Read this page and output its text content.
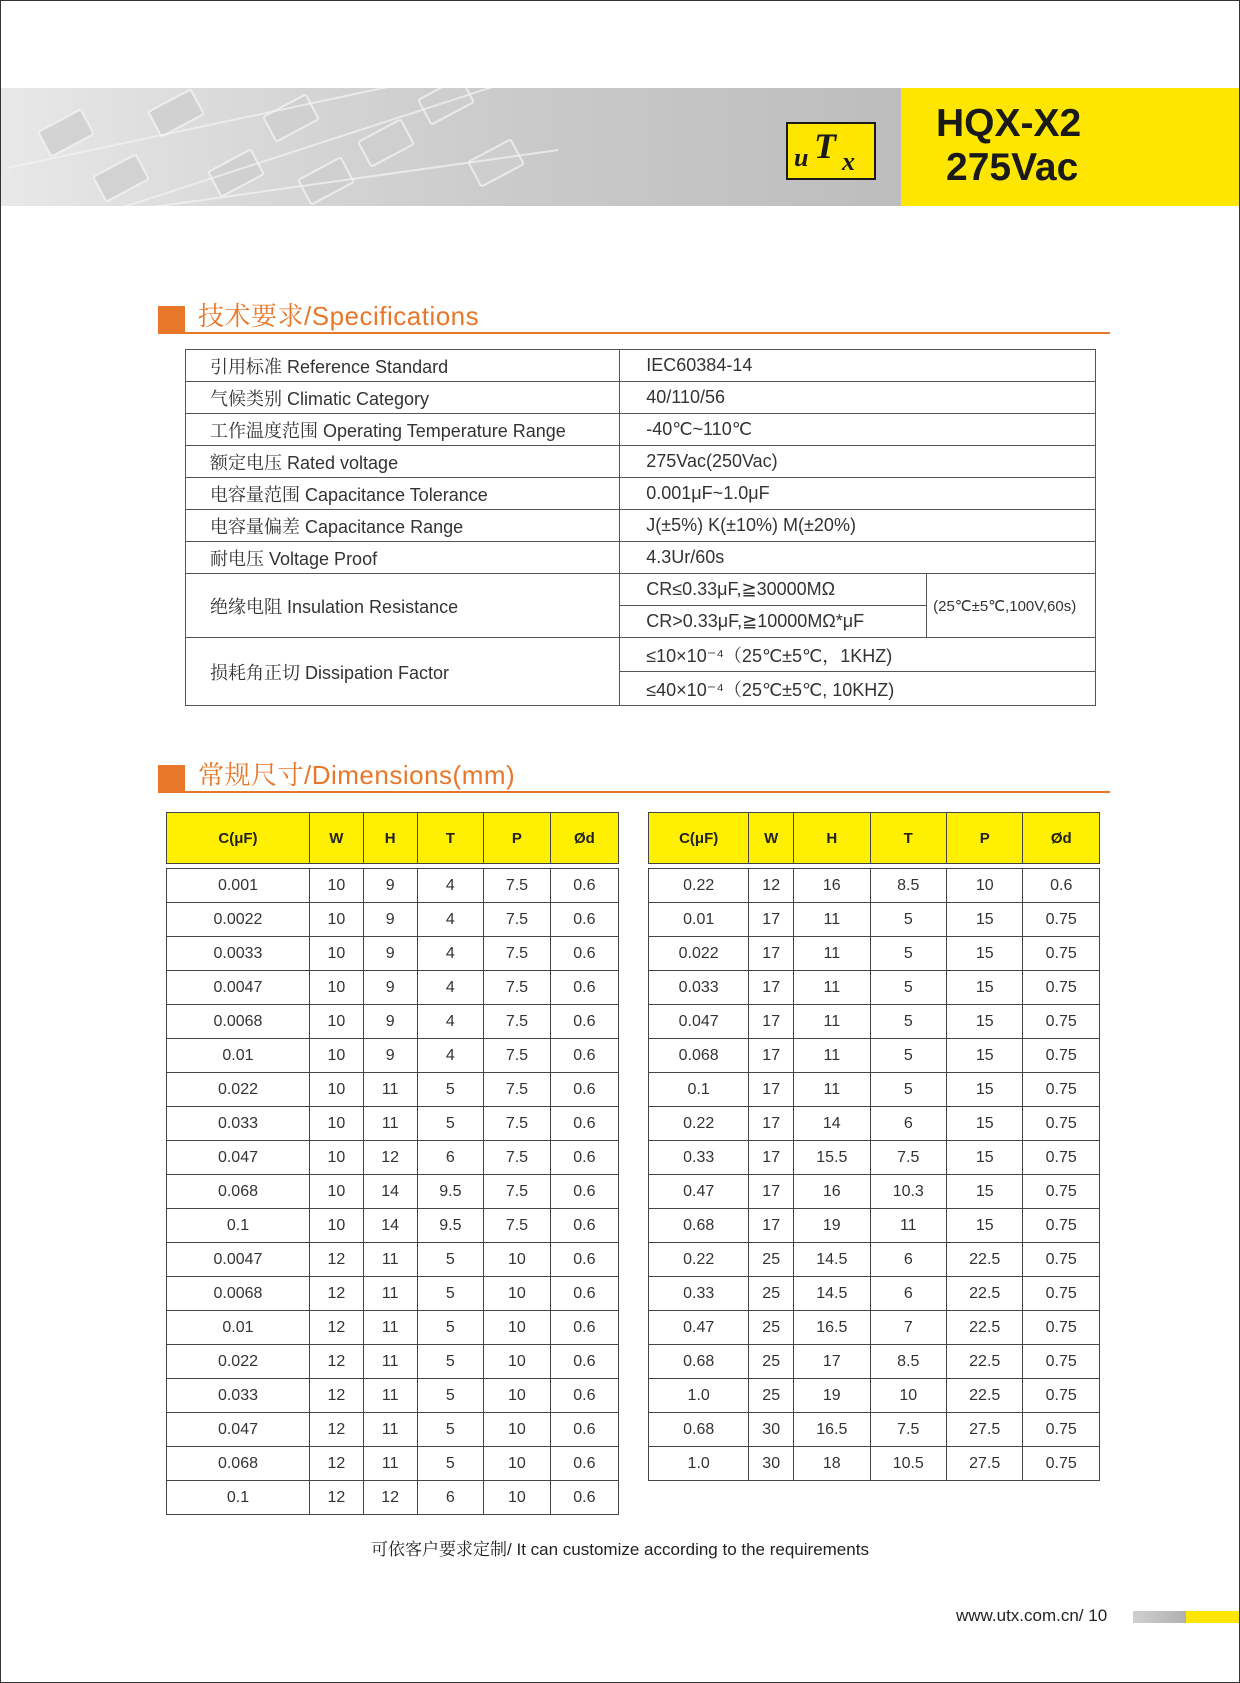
u T x
HQX-X2
275Vac
技术要求/Specifications
引用标准 Reference Standard	IEC60384-14	
气候类别 Climatic Category	40/110/56	
工作温度范围 Operating Temperature Range	-40℃~110℃	
额定电压 Rated voltage	275Vac(250Vac)	
电容量范围 Capacitance Tolerance	0.001μF~1.0μF	
电容量偏差 Capacitance Range	J(±5%) K(±10%) M(±20%)	
耐电压 Voltage Proof	4.3Ur/60s	
绝缘电阻 Insulation Resistance	CR≤0.33μF,≧30000MΩ	(25℃±5℃,100V,60s)
	CR>0.33μF,≧10000MΩ*μF	
损耗角正切 Dissipation Factor	≤10×10⁻⁴（25℃±5℃，1KHZ)	
	≤40×10⁻⁴（25℃±5℃, 10KHZ)	
常规尺寸/Dimensions(mm)
C(μF)	W	H	T	P	Ød

0.001	10	9	4	7.5	0.6
0.0022	10	9	4	7.5	0.6
0.0033	10	9	4	7.5	0.6
0.0047	10	9	4	7.5	0.6
0.0068	10	9	4	7.5	0.6
0.01	10	9	4	7.5	0.6
0.022	10	11	5	7.5	0.6
0.033	10	11	5	7.5	0.6
0.047	10	12	6	7.5	0.6
0.068	10	14	9.5	7.5	0.6
0.1	10	14	9.5	7.5	0.6
0.0047	12	11	5	10	0.6
0.0068	12	11	5	10	0.6
0.01	12	11	5	10	0.6
0.022	12	11	5	10	0.6
0.033	12	11	5	10	0.6
0.047	12	11	5	10	0.6
0.068	12	11	5	10	0.6
0.1	12	12	6	10	0.6
C(μF)	W	H	T	P	Ød

0.22	12	16	8.5	10	0.6
0.01	17	11	5	15	0.75
0.022	17	11	5	15	0.75
0.033	17	11	5	15	0.75
0.047	17	11	5	15	0.75
0.068	17	11	5	15	0.75
0.1	17	11	5	15	0.75
0.22	17	14	6	15	0.75
0.33	17	15.5	7.5	15	0.75
0.47	17	16	10.3	15	0.75
0.68	17	19	11	15	0.75
0.22	25	14.5	6	22.5	0.75
0.33	25	14.5	6	22.5	0.75
0.47	25	16.5	7	22.5	0.75
0.68	25	17	8.5	22.5	0.75
1.0	25	19	10	22.5	0.75
0.68	30	16.5	7.5	27.5	0.75
1.0	30	18	10.5	27.5	0.75
可依客户要求定制/ It can customize according to the requirements
www.utx.com.cn/ 10
